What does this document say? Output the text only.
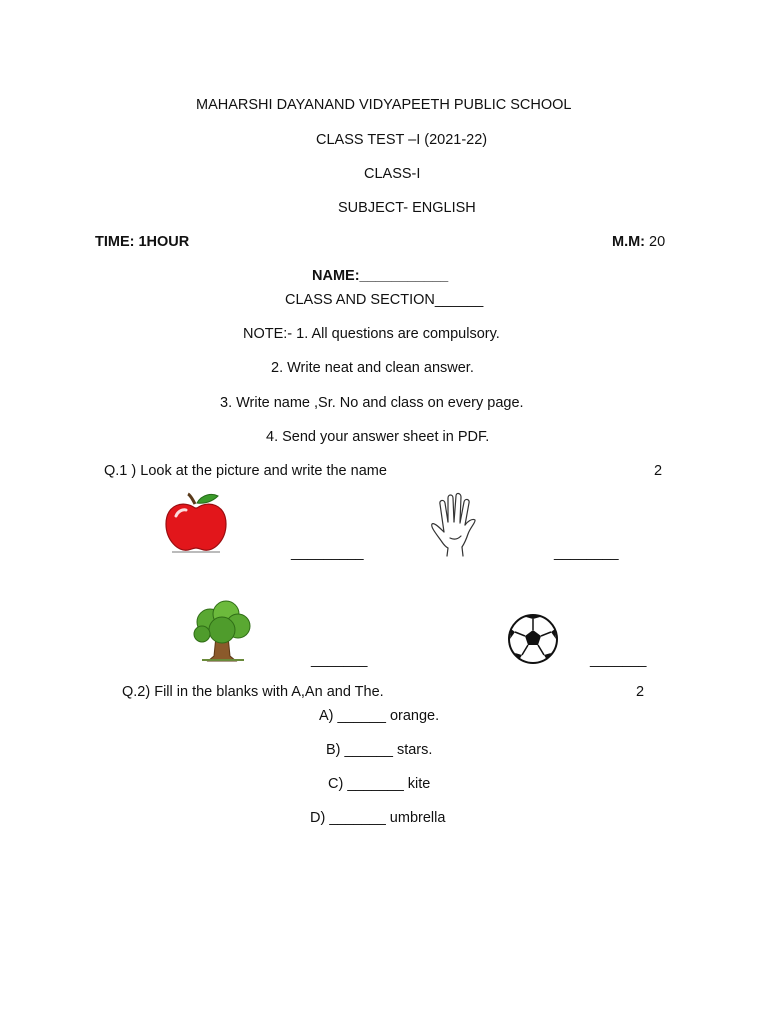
MAHARSHI DAYANAND VIDYAPEETH PUBLIC SCHOOL
CLASS TEST –I (2021-22)
CLASS-I
SUBJECT- ENGLISH
TIME: 1HOUR	M.M: 20
NAME:___________
CLASS AND SECTION______
NOTE:- 1. All questions are compulsory.
2. Write neat and clean answer.
3. Write name ,Sr. No and class on every page.
4. Send your answer sheet in PDF.
Q.1 ) Look at the picture and write the name	2
_________	________
_______	_______
Q.2) Fill in the blanks with A,An and The.	2
A) ______ orange.
B) ______ stars.
C) _______ kite
D) _______ umbrella
